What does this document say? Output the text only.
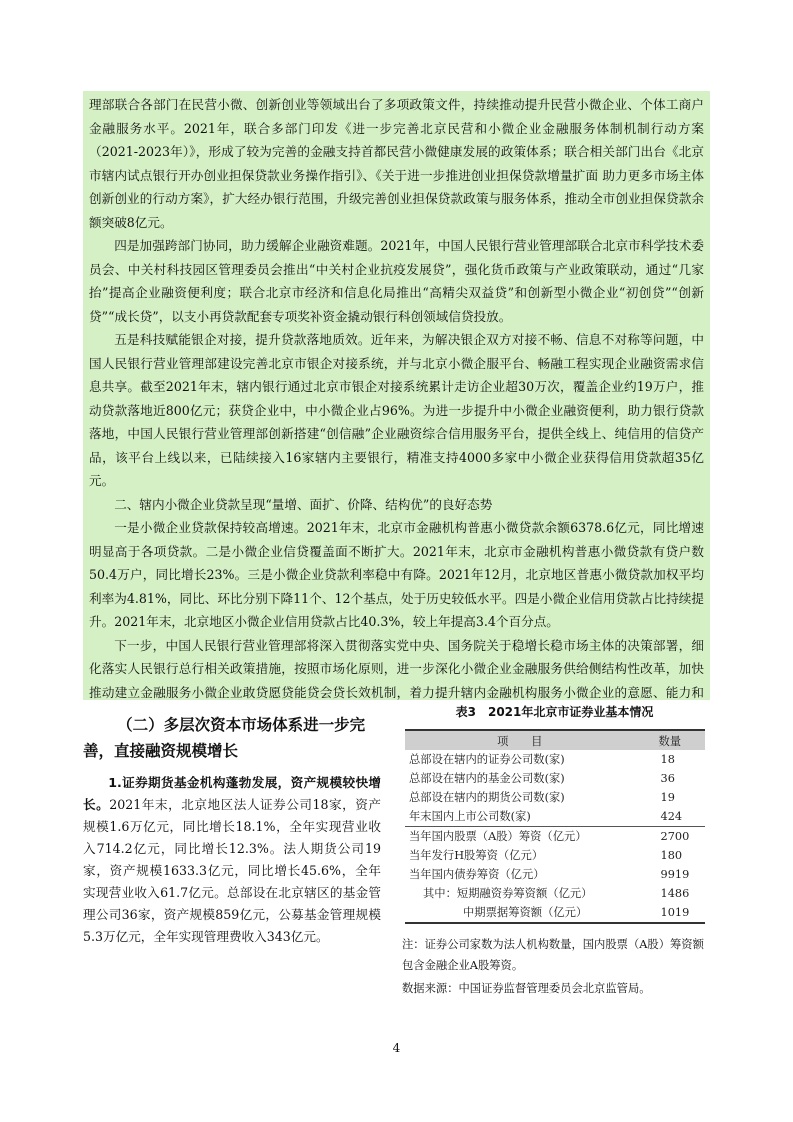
理部联合各部门在民营小微、创新创业等领域出台了多项政策文件，持续推动提升民营小微企业、个体工商户金融服务水平。2021年，联合多部门印发《进一步完善北京民营和小微企业金融服务体制机制行动方案（2021-2023年）》，形成了较为完善的金融支持首都民营小微健康发展的政策体系；联合相关部门出台《北京市辖内试点银行开办创业担保贷款业务操作指引》、《关于进一步推进创业担保贷款增量扩面 助力更多市场主体创新创业的行动方案》，扩大经办银行范围，升级完善创业担保贷款政策与服务体系，推动全市创业担保贷款余额突破8亿元。

四是加强跨部门协同，助力缓解企业融资难题。2021年，中国人民银行营业管理部联合北京市科学技术委员会、中关村科技园区管理委员会推出“中关村企业抗疫发展贷”，强化货币政策与产业政策联动，通过“几家抬”提高企业融资便利度；联合北京市经济和信息化局推出“高精尖双益贷”和创新型小微企业“初创贷”“创新贷”“成长贷”，以支小再贷款配套专项奖补资金撬动银行科创领域信贷投放。

五是科技赋能银企对接，提升贷款落地质效。近年来，为解决银企双方对接不畅、信息不对称等问题，中国人民银行营业管理部建设完善北京市银企对接系统，并与北京小微企服平台、畅融工程实现企业融资需求信息共享。截至2021年末，辖内银行通过北京市银企对接系统累计走访企业超30万次，覆盖企业约19万户，推动贷款落地近800亿元；获贷企业中，中小微企业占96%。为进一步提升中小微企业融资便利，助力银行贷款落地，中国人民银行营业管理部创新搭建“创信融”企业融资综合信用服务平台，提供全线上、纯信用的信贷产品，该平台上线以来，已陆续接入16家辖内主要银行，精准支持4000多家中小微企业获得信用贷款超35亿元。

二、辖内小微企业贷款呈现“量增、面扩、价降、结构优”的良好态势

一是小微企业贷款保持较高增速。2021年末，北京市金融机构普惠小微贷款余额6378.6亿元，同比增速明显高于各项贷款。二是小微企业信贷覆盖面不断扩大。2021年末，北京市金融机构普惠小微贷款有贷户数50.4万户，同比增长23%。三是小微企业贷款利率稳中有降。2021年12月，北京地区普惠小微贷款加权平均利率为4.81%，同比、环比分别下降11个、12个基点，处于历史较低水平。四是小微企业信用贷款占比持续提升。2021年末，北京地区小微企业信用贷款占比40.3%，较上年提高3.4个百分点。

下一步，中国人民银行营业管理部将深入贯彻落实党中央、国务院关于稳增长稳市场主体的决策部署，细化落实人民银行总行相关政策措施，按照市场化原则，进一步深化小微企业金融服务供给侧结构性改革，加快推动建立金融服务小微企业敢贷愿贷能贷会贷长效机制，着力提升辖内金融机构服务小微企业的意愿、能力和

（二）多层次资本市场体系进一步完善，直接融资规模增长

1.证券期货基金机构蓬勃发展，资产规模较快增长。2021年末，北京地区法人证券公司18家，资产规模1.6万亿元，同比增长18.1%，全年实现营业收入714.2亿元，同比增长12.3%。法人期货公司19家，资产规模1633.3亿元，同比增长45.6%，全年实现营业收入61.7亿元。总部设在北京辖区的基金管理公司36家，资产规模859亿元，公募基金管理规模5.3万亿元，全年实现管理费收入343亿元。

表3　2021年北京市证券业基本情况
项　　目	数量
总部设在辖内的证券公司数(家)	18
总部设在辖内的基金公司数(家)	36
总部设在辖内的期货公司数(家)	19
年末国内上市公司数(家)	424
当年国内股票（A股）筹资（亿元）	2700
当年发行H股筹资（亿元）	180
当年国内债券筹资（亿元）	9919
其中：短期融资券筹资额（亿元）	1486
中期票据筹资额（亿元）	1019

注：证券公司家数为法人机构数量，国内股票（A股）筹资额包含金融企业A股筹资。

数据来源：中国证券监督管理委员会北京监管局。

4
